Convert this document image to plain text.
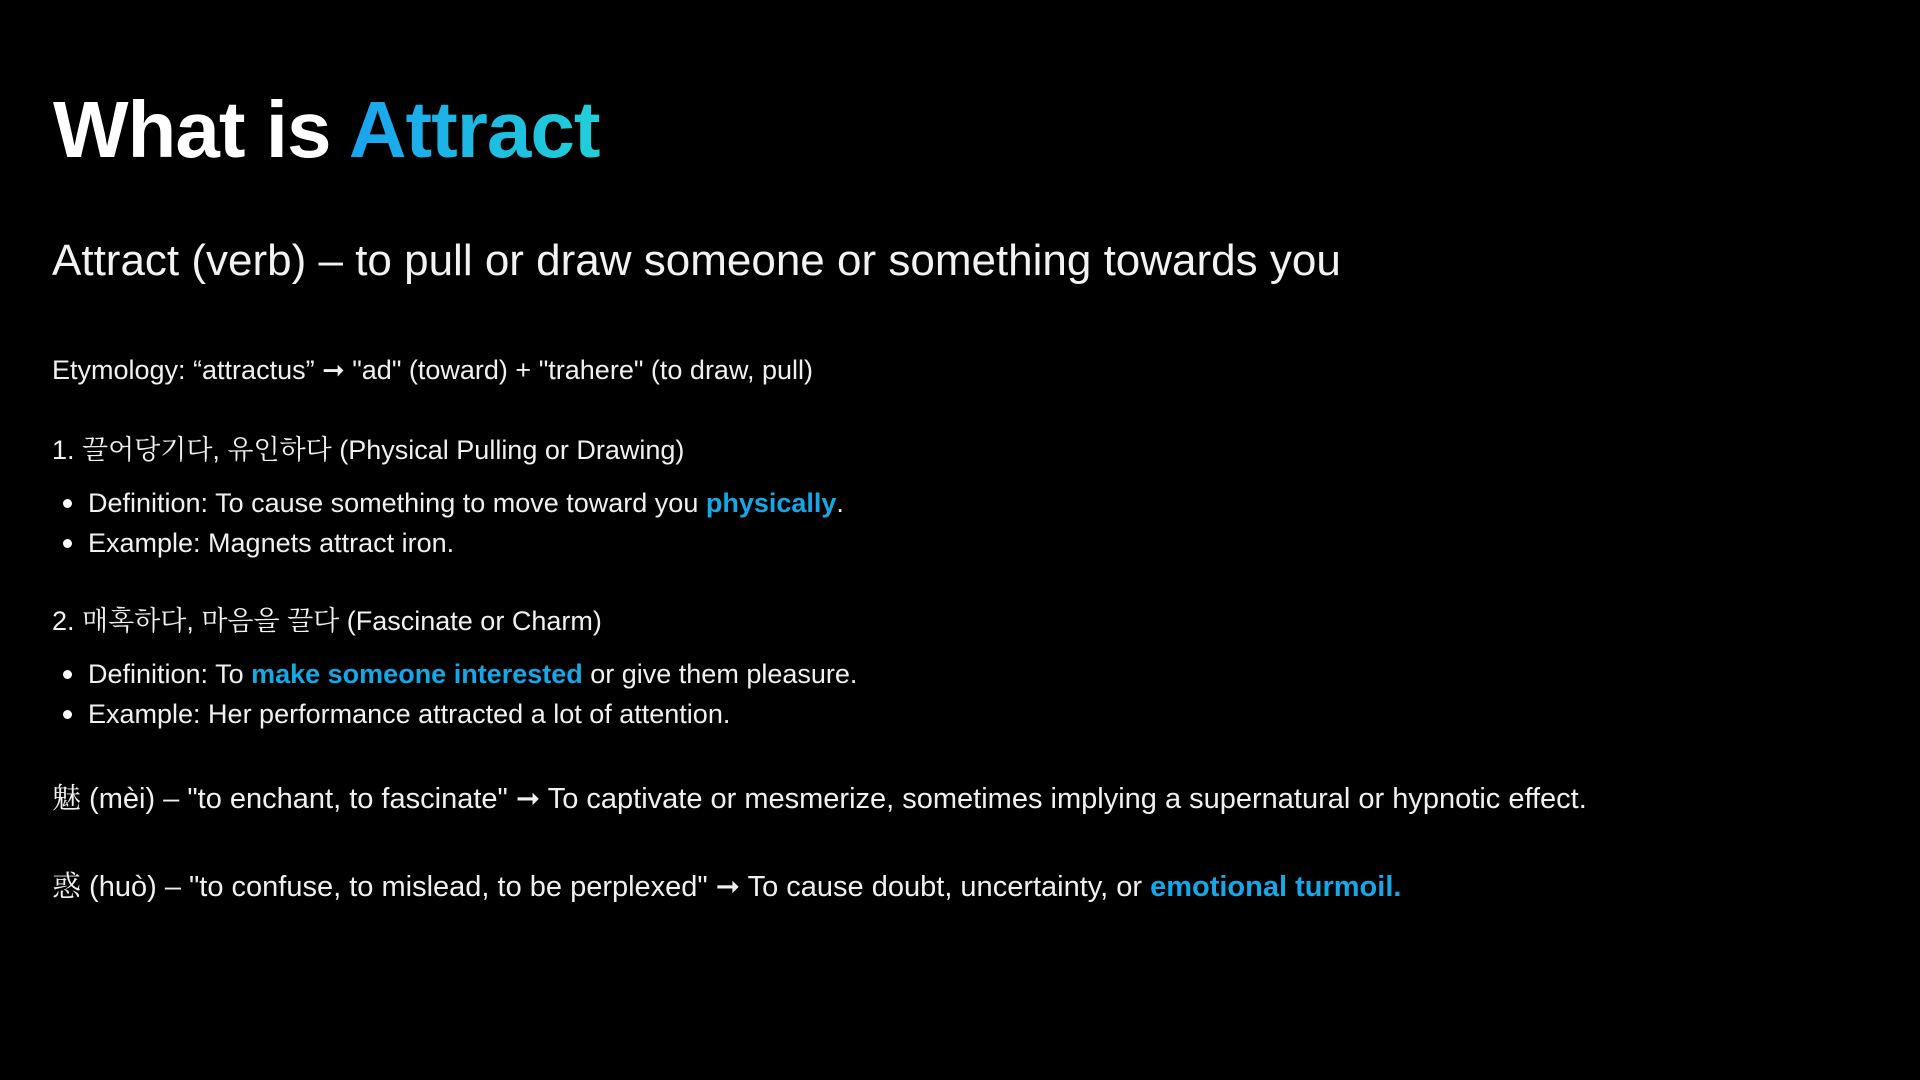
What is Attract

Attract (verb) – to pull or draw someone or something towards you

Etymology: “attractus” ➞ "ad" (toward) + "trahere" (to draw, pull)

1. 끌어당기다, 유인하다 (Physical Pulling or Drawing)

Definition: To cause something to move toward you physically.
Example: Magnets attract iron.

2. 매혹하다, 마음을 끌다 (Fascinate or Charm)

Definition: To make someone interested or give them pleasure.
Example: Her performance attracted a lot of attention.

魅 (mèi) – "to enchant, to fascinate" ➞ To captivate or mesmerize, sometimes implying a supernatural or hypnotic effect.

惑 (huò) – "to confuse, to mislead, to be perplexed" ➞ To cause doubt, uncertainty, or emotional turmoil.
